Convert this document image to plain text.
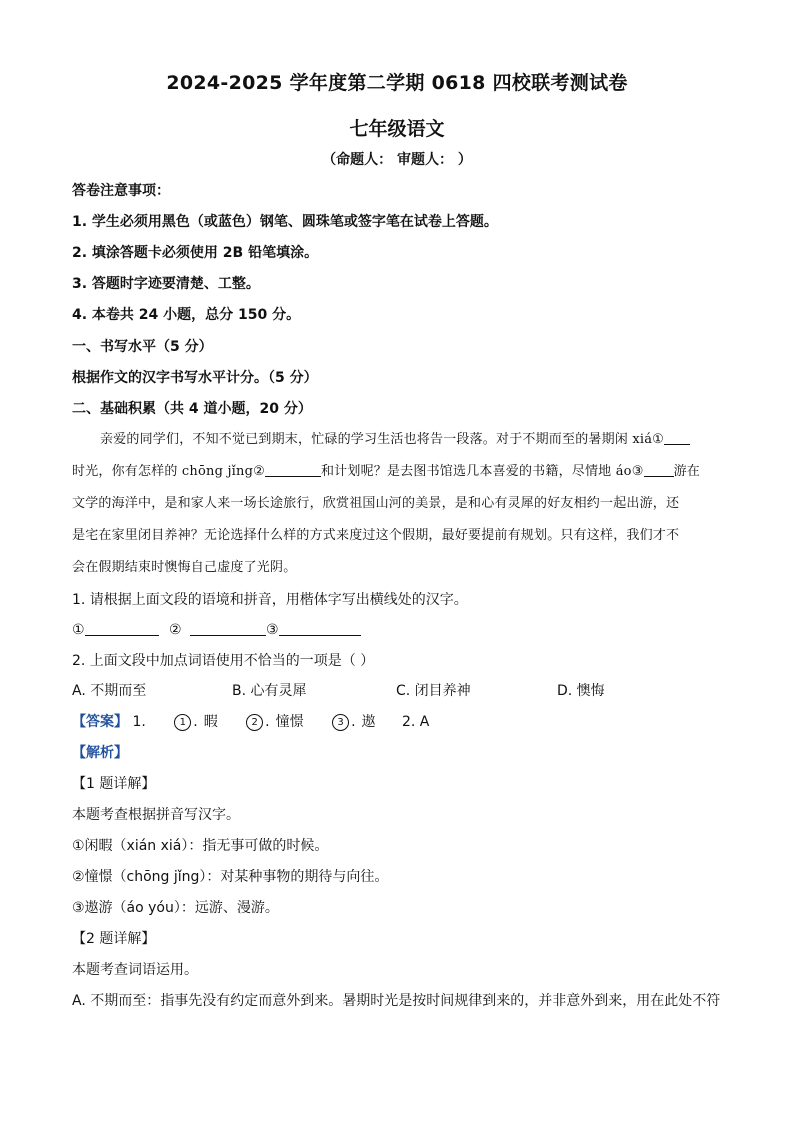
2024-2025 学年度第二学期 0618 四校联考测试卷
七年级语文
（命题人： 审题人： ）
答卷注意事项：
1. 学生必须用黑色（或蓝色）钢笔、圆珠笔或签字笔在试卷上答题。
2. 填涂答题卡必须使用 2B 铅笔填涂。
3. 答题时字迹要清楚、工整。
4. 本卷共 24 小题，总分 150 分。
一、书写水平（5 分）
根据作文的汉字书写水平计分。（5 分）
二、基础积累（共 4 道小题，20 分）
亲爱的同学们，不知不觉已到期末，忙碌的学习生活也将告一段落。对于不期而至的暑期闲 xiá①
时光，你有怎样的 chōng jǐng②	和计划呢？是去图书馆选几本喜爱的书籍，尽情地 áo③ 游在
文学的海洋中，是和家人来一场长途旅行，欣赏祖国山河的美景，是和心有灵犀的好友相约一起出游，还
是宅在家里闭目养神？无论选择什么样的方式来度过这个假期，最好要提前有规划。只有这样，我们才不
会在假期结束时懊悔自己虚度了光阴。
1. 请根据上面文段的语境和拼音，用楷体字写出横线处的汉字。
①	②	③
2. 上面文段中加点词语使用不恰当的一项是（ ）
A. 不期而至	B. 心有灵犀	C. 闭目养神	D. 懊悔
【答案】 1.	1 . 暇	2 . 憧憬	3 . 遨 2. A
【解析】
【1 题详解】
本题考查根据拼音写汉字。
①闲暇（xián xiá）：指无事可做的时候。
②憧憬（chōng jǐng）：对某种事物的期待与向往。
③遨游（áo yóu）：远游、漫游。
【2 题详解】
本题考查词语运用。
A. 不期而至：指事先没有约定而意外到来。暑期时光是按时间规律到来的，并非意外到来，用在此处不符
